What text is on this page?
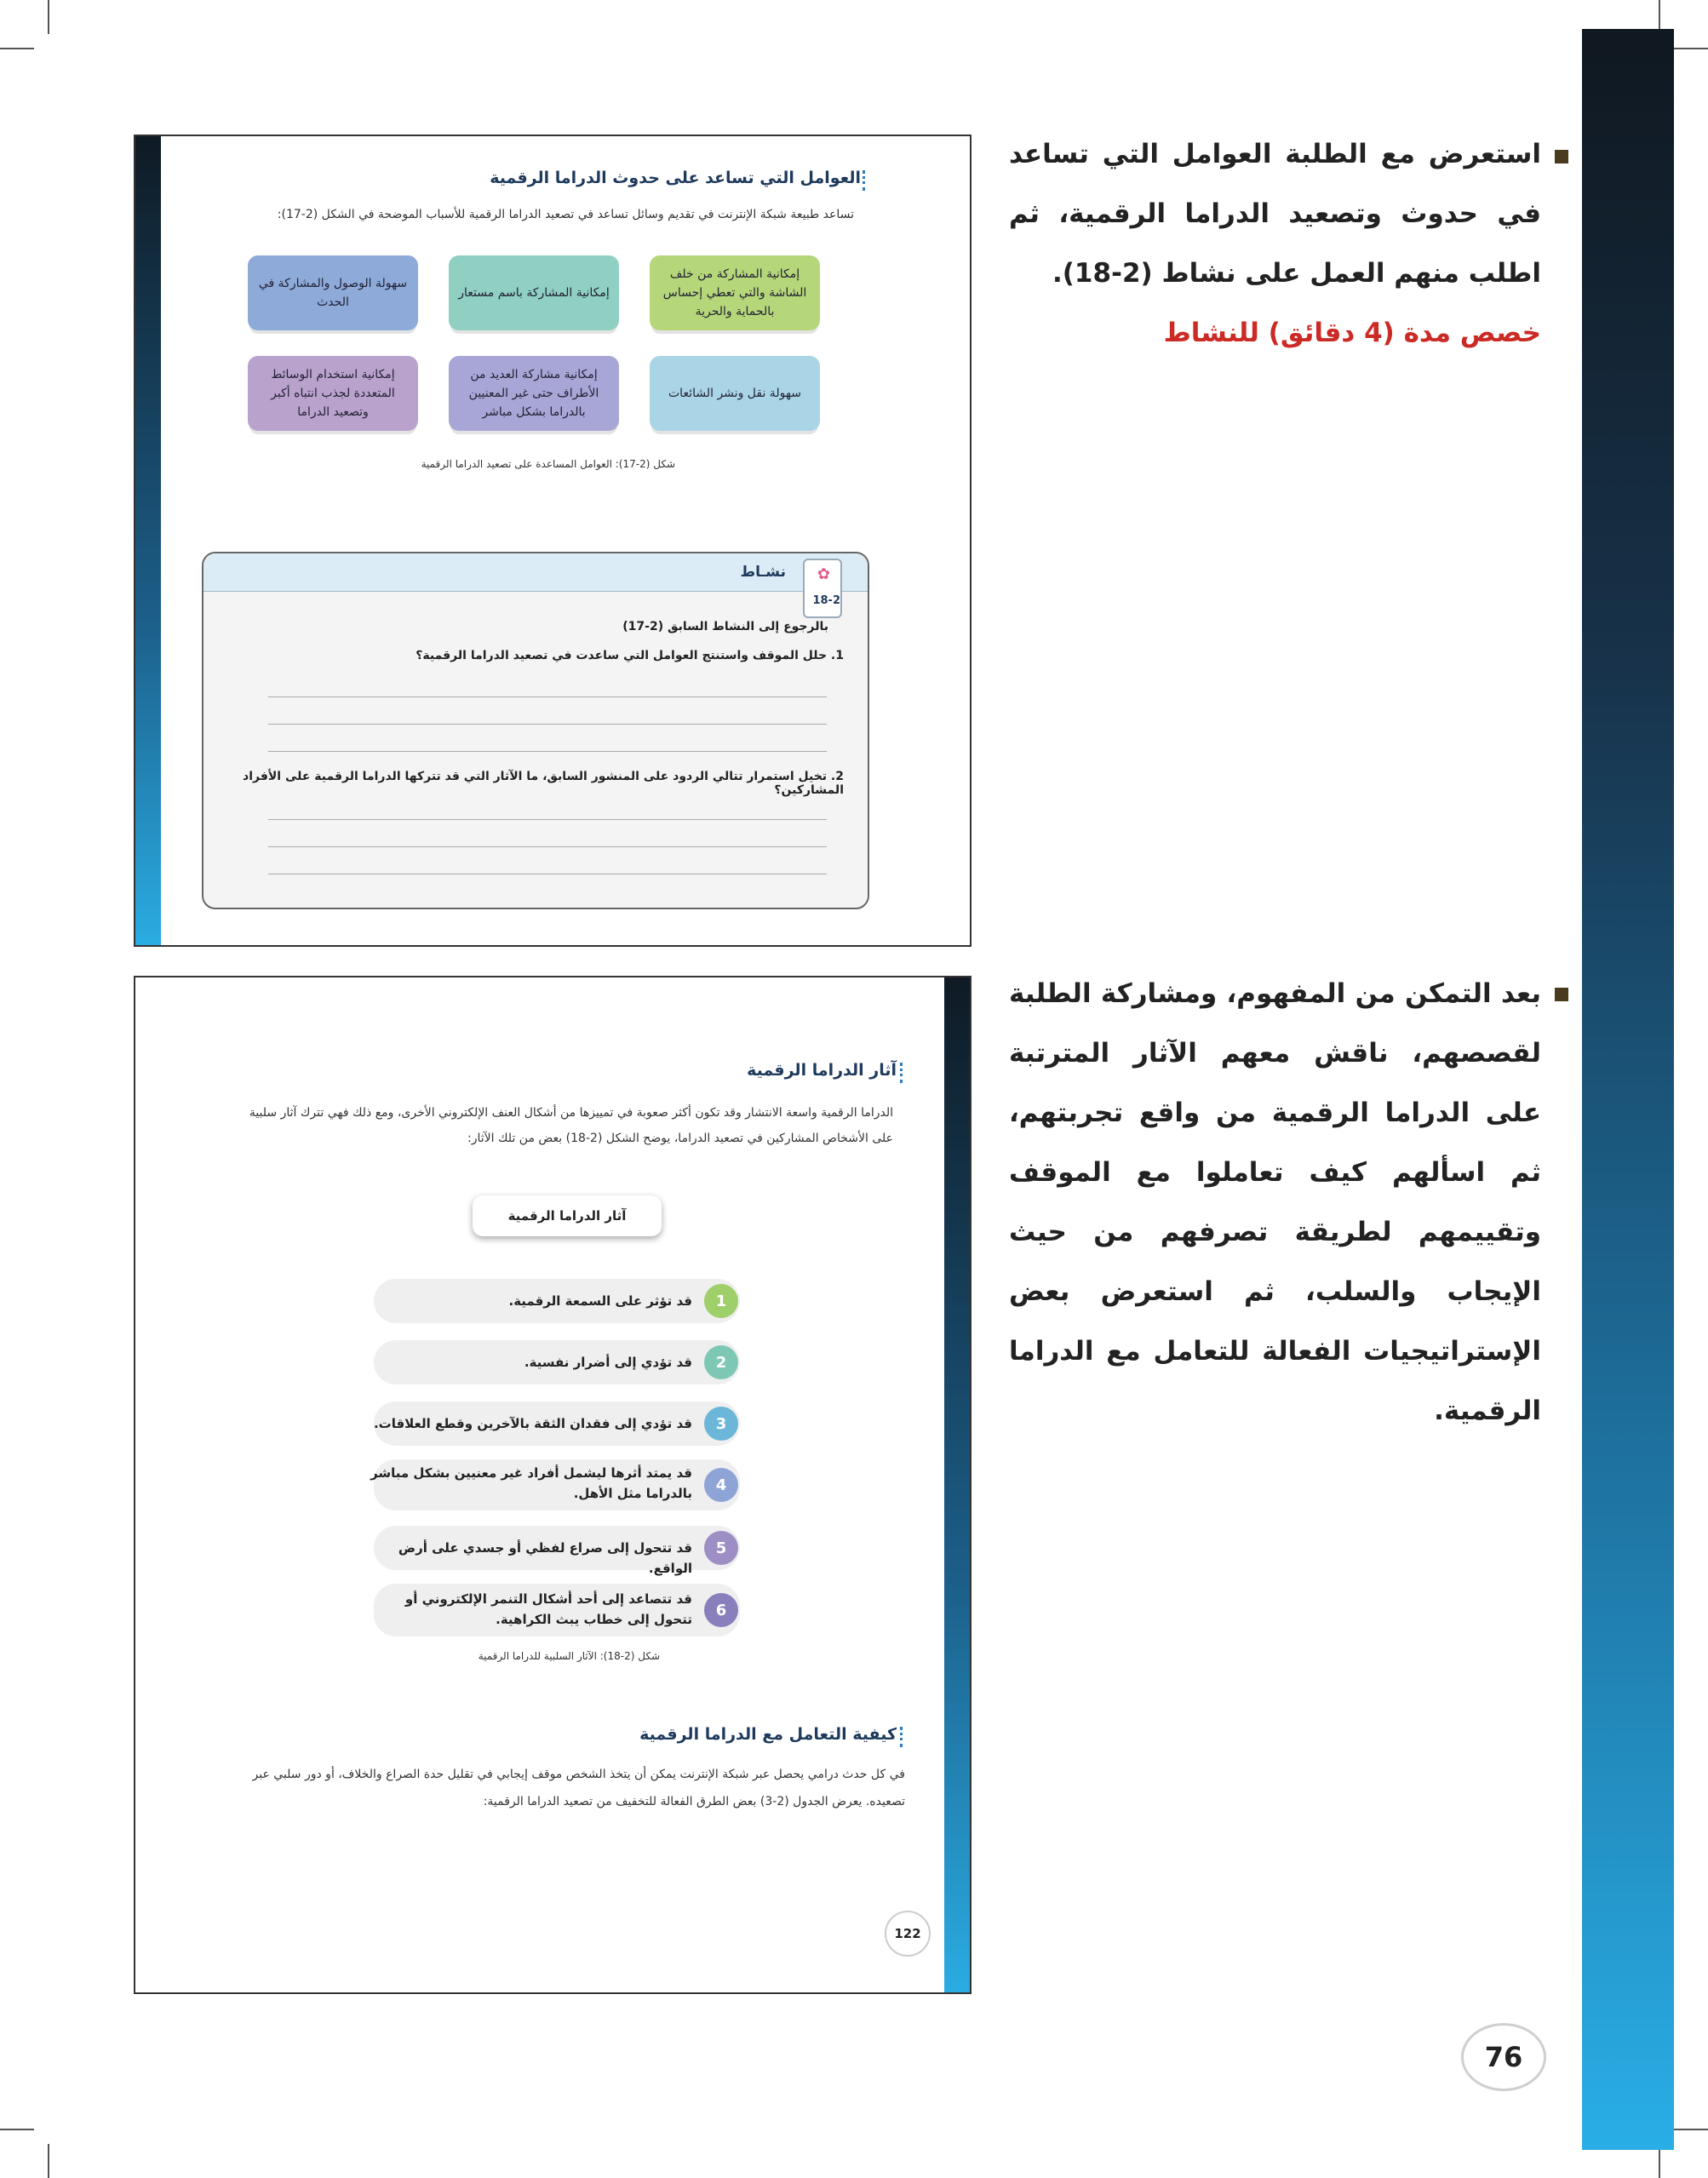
استعرض مع الطلبة العوامل التي تساعد في حدوث وتصعيد الدراما الرقمية، ثم اطلب منهم العمل على نشاط (2-18).
خصص مدة (4 دقائق) للنشاط
بعد التمكن من المفهوم، ومشاركة الطلبة لقصصهم، ناقش معهم الآثار المترتبة على الدراما الرقمية من واقع تجربتهم، ثم اسألهم كيف تعاملوا مع الموقف وتقييمهم لطريقة تصرفهم من حيث الإيجاب والسلب، ثم استعرض بعض الإستراتيجيات الفعالة للتعامل مع الدراما الرقمية.
العوامل التي تساعد على حدوث الدراما الرقمية
تساعد طبيعة شبكة الإنترنت في تقديم وسائل تساعد في تصعيد الدراما الرقمية للأسباب الموضحة في الشكل (2-17):
إمكانية المشاركة من خلف الشاشة والتي تعطي إحساس بالحماية والحرية
إمكانية المشاركة باسم مستعار
سهولة الوصول والمشاركة في الحدث
سهولة نقل ونشر الشائعات
إمكانية مشاركة العديد من الأطراف حتى غير المعنيين بالدراما بشكل مباشر
إمكانية استخدام الوسائط المتعددة لجذب انتباه أكبر وتصعيد الدراما
شكل (2-17): العوامل المساعدة على تصعيد الدراما الرقمية
✿
18-2
نشـاط
بالرجوع إلى النشاط السابق (2-17)
1. حلل الموقف واستنتج العوامل التي ساعدت في تصعيد الدراما الرقمية؟
2. تخيل استمرار تتالي الردود على المنشور السابق، ما الآثار التي قد تتركها الدراما الرقمية على الأفراد المشاركين؟
آثار الدراما الرقمية
الدراما الرقمية واسعة الانتشار وقد تكون أكثر صعوبة في تمييزها من أشكال العنف الإلكتروني الأخرى، ومع ذلك فهي تترك آثار سلبية على الأشخاص المشاركين في تصعيد الدراما، يوضح الشكل (2-18) بعض من تلك الآثار:
آثار الدراما الرقمية
1
قد تؤثر على السمعة الرقمية.
2
قد تؤدي إلى أضرار نفسية.
3
قد تؤدي إلى فقدان الثقة بالآخرين وقطع العلاقات.
4
قد يمتد أثرها ليشمل أفراد غير معنيين بشكل مباشر بالدراما مثل الأهل.
5
قد تتحول إلى صراع لفظي أو جسدي على أرض الواقع.
6
قد تتصاعد إلى أحد أشكال التنمر الإلكتروني أو تتحول إلى خطاب يبث الكراهية.
شكل (2-18): الآثار السلبية للدراما الرقمية
كيفية التعامل مع الدراما الرقمية
في كل حدث درامي يحصل عبر شبكة الإنترنت يمكن أن يتخذ الشخص موقف إيجابي في تقليل حدة الصراع والخلاف، أو دور سلبي عبر تصعيده. يعرض الجدول (2-3) بعض الطرق الفعالة للتخفيف من تصعيد الدراما الرقمية:
122
76
